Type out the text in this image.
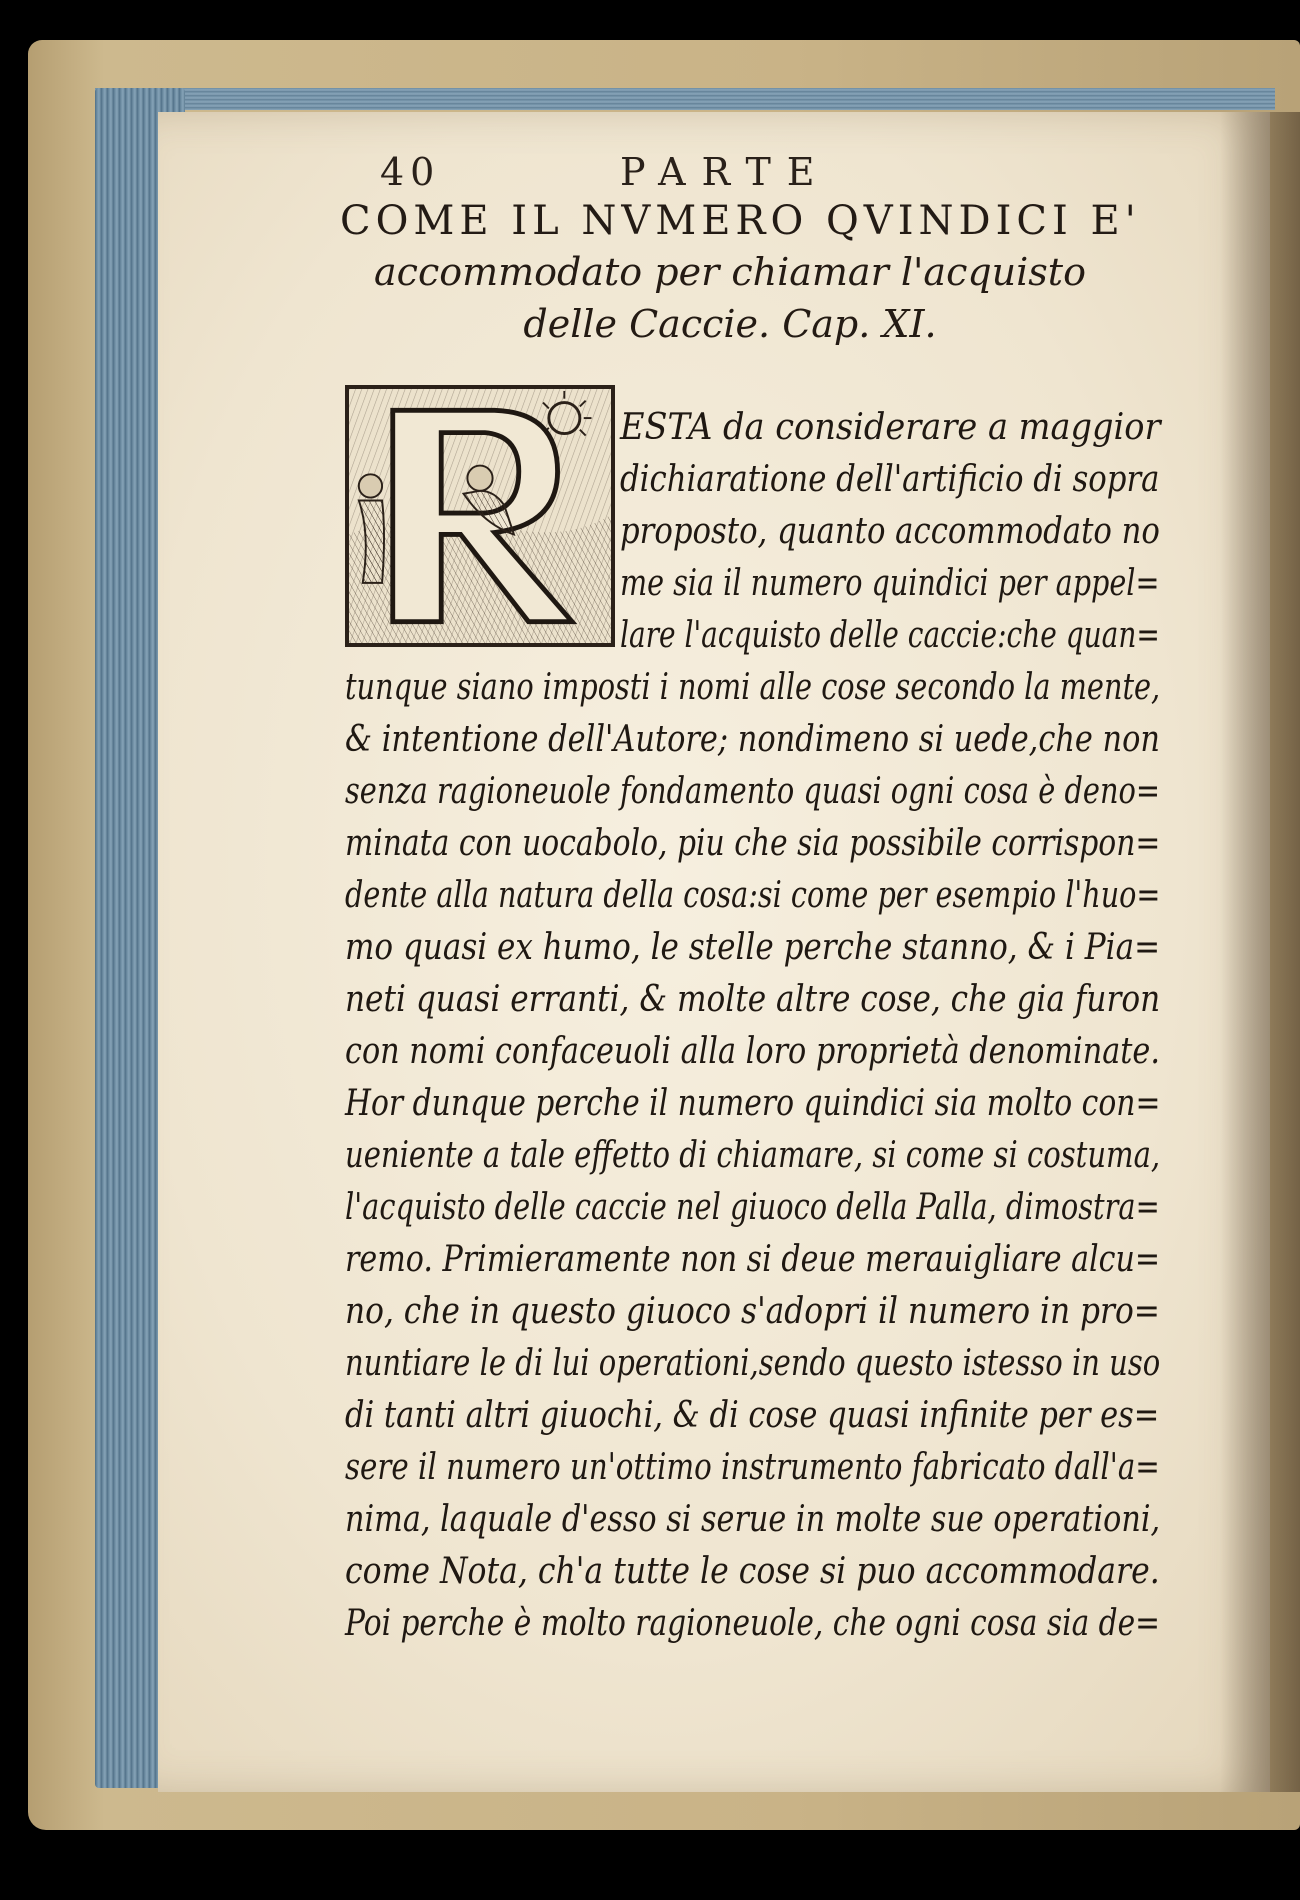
40	PARTE
COME IL NVMERO QVINDICI E'
accommodato per chiamar l'acquisto
delle Caccie. Cap. XI.
ESTA da considerare a maggior
dichiaratione dell'artificio di sopra
proposto, quanto accommodato no
me sia il numero quindici per appel=
lare l'acquisto delle caccie:che quan=
tunque siano imposti i nomi alle cose secondo la mente,
& intentione dell'Autore; nondimeno si uede,che non
senza ragioneuole fondamento quasi ogni cosa è deno=
minata con uocabolo, piu che sia possibile corrispon=
dente alla natura della cosa:si come per esempio l'huo=
mo quasi ex humo, le stelle perche stanno, & i Pia=
neti quasi erranti, & molte altre cose, che gia furon
con nomi confaceuoli alla loro proprietà denominate.
Hor dunque perche il numero quindici sia molto con=
ueniente a tale effetto di chiamare, si come si costuma,
l'acquisto delle caccie nel giuoco della Palla, dimostra=
remo. Primieramente non si deue merauigliare alcu=
no, che in questo giuoco s'adopri il numero in pro=
nuntiare le di lui operationi,sendo questo istesso in uso
di tanti altri giuochi, & di cose quasi infinite per es=
sere il numero un'ottimo instrumento fabricato dall'a=
nima, laquale d'esso si serue in molte sue operationi,
come Nota, ch'a tutte le cose si puo accommodare.
Poi perche è molto ragioneuole, che ogni cosa sia de=
